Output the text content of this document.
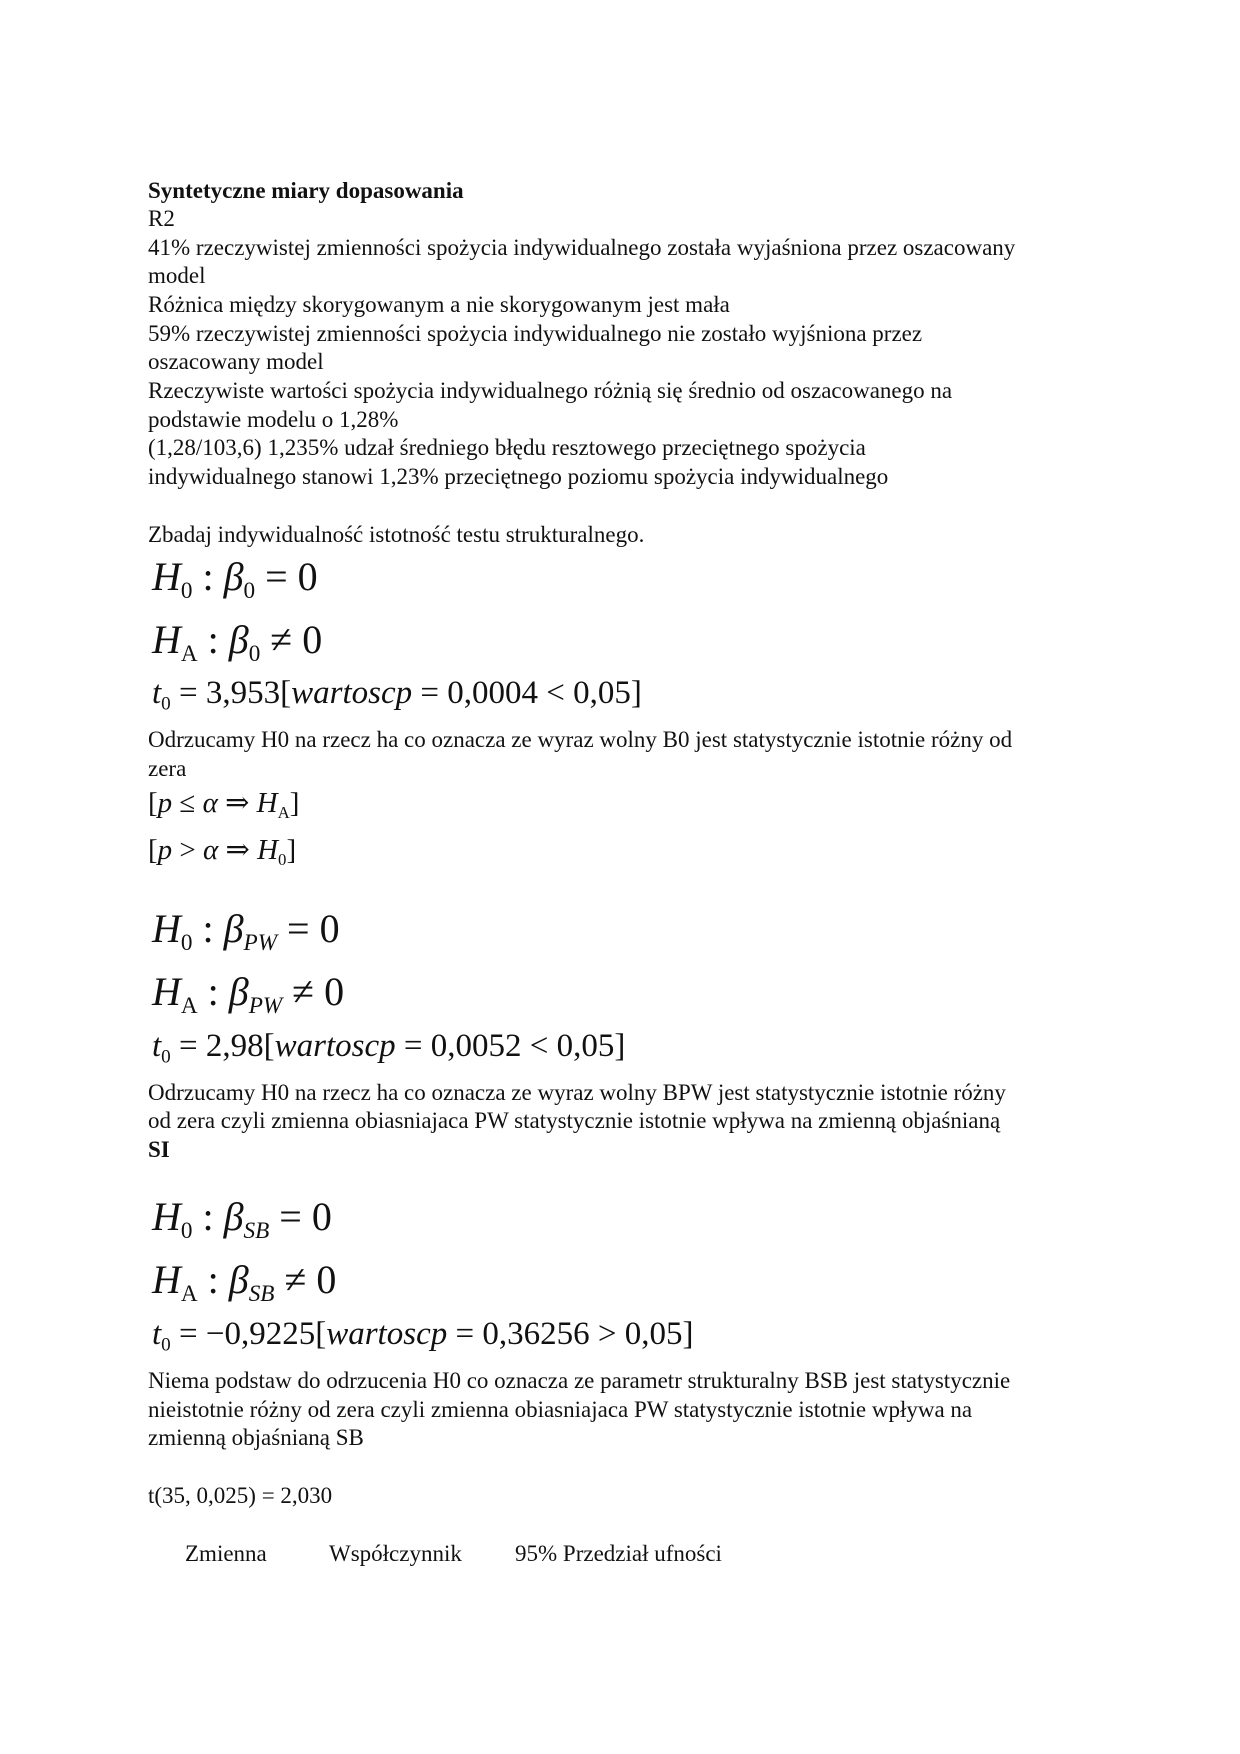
Syntetyczne miary dopasowania
R2
41% rzeczywistej zmienności spożycia indywidualnego została wyjaśniona przez oszacowany
model
Różnica między skorygowanym a nie skorygowanym jest mała
59% rzeczywistej zmienności spożycia indywidualnego nie zostało wyjśniona przez
oszacowany model
Rzeczywiste wartości spożycia indywidualnego różnią się średnio od oszacowanego na
podstawie modelu o 1,28%
(1,28/103,6) 1,235% udzał średniego błędu resztowego przeciętnego spożycia
indywidualnego stanowi 1,23% przeciętnego poziomu spożycia indywidualnego
Zbadaj indywidualność istotność testu strukturalnego.
$H_0$ : $\beta_0 = 0$
$H_A$ : $\beta_0 \ne 0$
$t_0$ = 3,953[wartoscp = 0,0004 < 0,05]
Odrzucamy H0 na rzecz ha co oznacza ze wyraz wolny B0 jest statystycznie istotnie różny od
zera
[p ≤ α ⇒ $H_A$]
[p > α ⇒ $H_0$]
$H_0$ : $\beta_{PW} = 0$
$H_A$ : $\beta_{PW} \ne 0$
$t_0$ = 2,98[wartoscp = 0,0052 < 0,05]
Odrzucamy H0 na rzecz ha co oznacza ze wyraz wolny BPW jest statystycznie istotnie różny
od zera czyli zmienna obiasniajaca PW statystycznie istotnie wpływa na zmienną objaśnianą
SI
$H_0$ : $\beta_{SB} = 0$
$H_A$ : $\beta_{SB} \ne 0$
$t_0$ = −0,9225[wartoscp = 0,36256 > 0,05]
Niema podstaw do odrzucenia H0 co oznacza ze parametr strukturalny BSB jest statystycznie
nieistotnie różny od zera czyli zmienna obiasniajaca PW statystycznie istotnie wpływa na
zmienną objaśnianą SB
t(35, 0,025) = 2,030
Zmienna	Współczynnik 95% Przedział ufności
